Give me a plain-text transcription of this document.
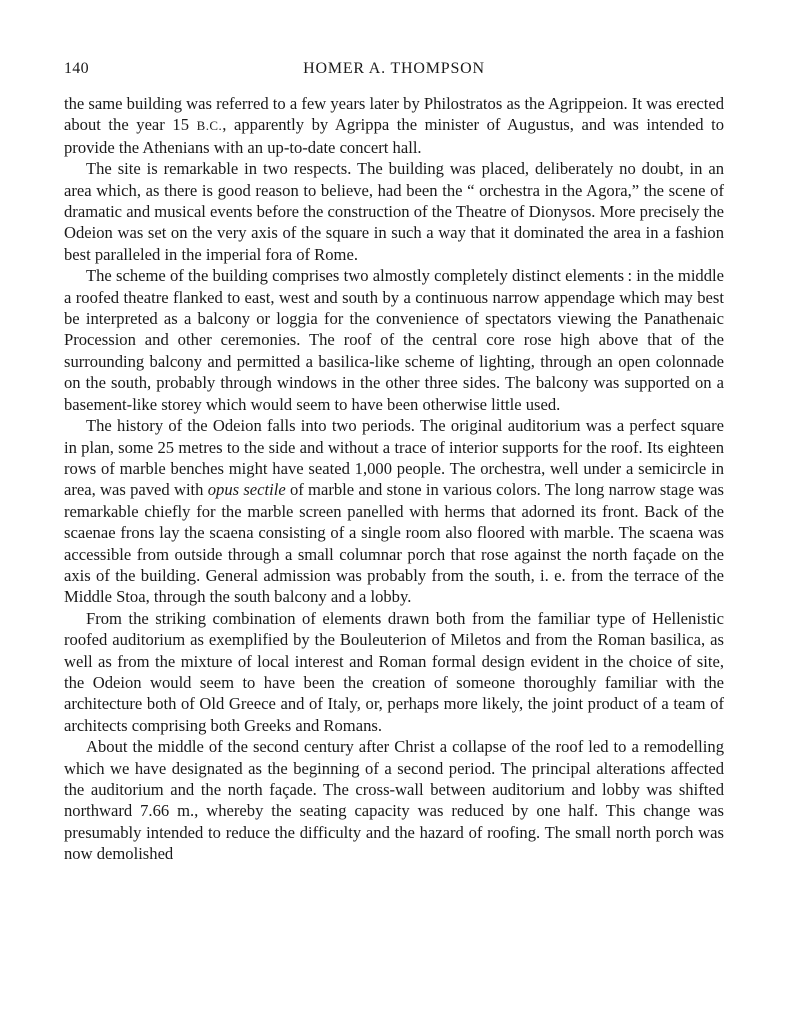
140	HOMER A. THOMPSON

the same building was referred to a few years later by Philostratos as the Agrippeion. It was erected about the year 15 B.C., apparently by Agrippa the minister of Augustus, and was intended to provide the Athenians with an up-to-date concert hall.

The site is remarkable in two respects. The building was placed, deliberately no doubt, in an area which, as there is good reason to believe, had been the “ orchestra in the Agora,” the scene of dramatic and musical events before the construction of the Theatre of Dionysos. More precisely the Odeion was set on the very axis of the square in such a way that it dominated the area in a fashion best paralleled in the imperial fora of Rome.

The scheme of the building comprises two almostly completely distinct elements : in the middle a roofed theatre flanked to east, west and south by a continuous narrow appendage which may best be interpreted as a balcony or loggia for the convenience of spectators viewing the Panathenaic Procession and other ceremonies. The roof of the central core rose high above that of the surrounding balcony and permitted a basilica-like scheme of lighting, through an open colonnade on the south, probably through windows in the other three sides. The balcony was supported on a basement-like storey which would seem to have been otherwise little used.

The history of the Odeion falls into two periods. The original auditorium was a perfect square in plan, some 25 metres to the side and without a trace of interior supports for the roof. Its eighteen rows of marble benches might have seated 1,000 people. The orchestra, well under a semicircle in area, was paved with opus sectile of marble and stone in various colors. The long narrow stage was remarkable chiefly for the marble screen panelled with herms that adorned its front. Back of the scaenae frons lay the scaena consisting of a single room also floored with marble. The scaena was accessible from outside through a small columnar porch that rose against the north façade on the axis of the building. General admission was probably from the south, i. e. from the terrace of the Middle Stoa, through the south balcony and a lobby.

From the striking combination of elements drawn both from the familiar type of Hellenistic roofed auditorium as exemplified by the Bouleuterion of Miletos and from the Roman basilica, as well as from the mixture of local interest and Roman formal design evident in the choice of site, the Odeion would seem to have been the creation of someone thoroughly familiar with the architecture both of Old Greece and of Italy, or, perhaps more likely, the joint product of a team of architects comprising both Greeks and Romans.

About the middle of the second century after Christ a collapse of the roof led to a remodelling which we have designated as the beginning of a second period. The principal alterations affected the auditorium and the north façade. The cross-wall between auditorium and lobby was shifted northward 7.66 m., whereby the seating capacity was reduced by one half. This change was presumably intended to reduce the difficulty and the hazard of roofing. The small north porch was now demolished
